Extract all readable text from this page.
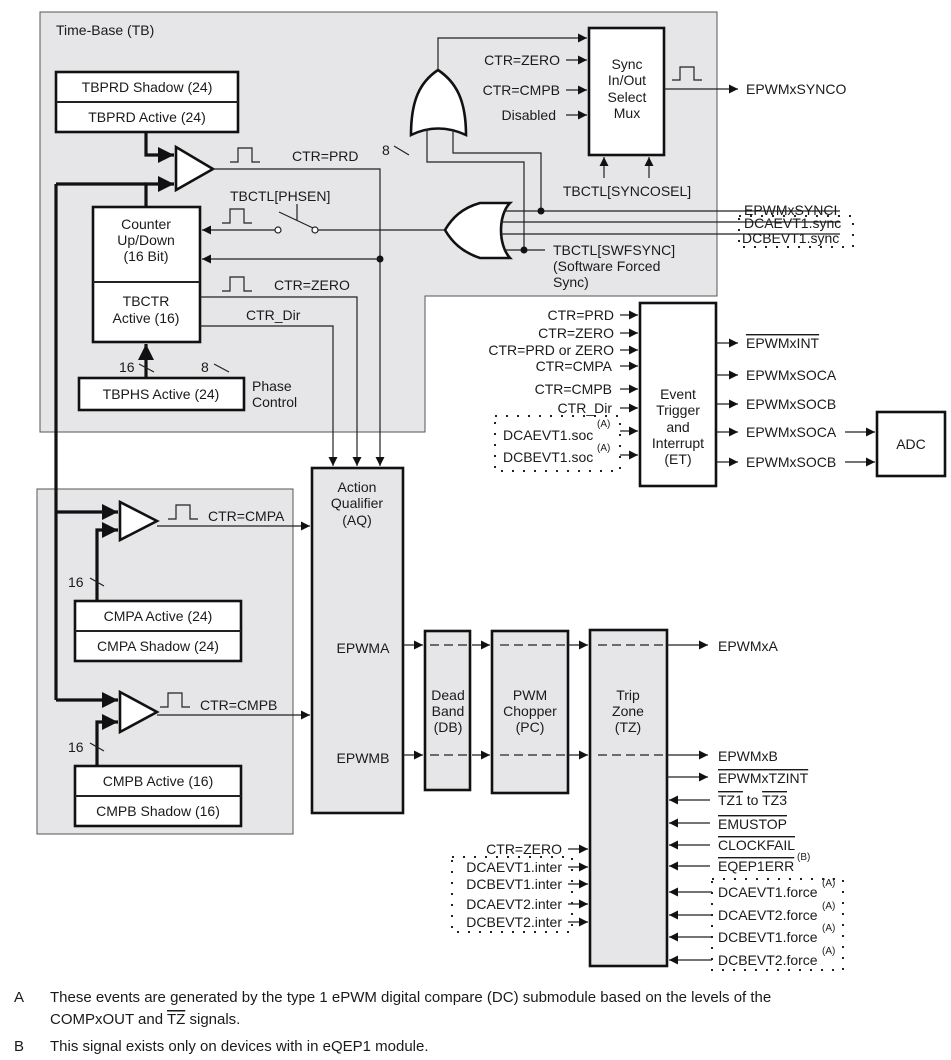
Time-Base (TB)
TBPRD Shadow (24)
TBPRD Active (24)
CTR=PRD 8
Counter
Up/Down
(16 Bit)
TBCTR
Active (16)
TBCTL[PHSEN]
CTR=ZERO
CTR_Dir
TBPHS Active (24)
16	8
Phase
Control
EPWMxSYNCI
DCAEVT1.sync
DCBEVT1.sync
TBCTL[SWFSYNC]
(Software Forced
Sync)
Sync
In/Out
Select
Mux
CTR=ZERO
CTR=CMPB
Disabled
TBCTL[SYNCOSEL]
EPWMxSYNCO
Event
Trigger
and
Interrupt
(ET)
CTR=PRD
CTR=ZERO
CTR=PRD or ZERO
CTR=CMPA
CTR=CMPB
CTR_Dir
DCAEVT1.soc
(A)
DCBEVT1.soc
(A)
EPWMxINT
EPWMxSOCA
EPWMxSOCB
EPWMxSOCA
EPWMxSOCB
ADC
16
CMPA Active (24)
CMPA Shadow (24)
CTR=CMPA
16
CMPB Active (16)
CMPB Shadow (16)
CTR=CMPB
Action
Qualifier
(AQ)
EPWMA
EPWMB
Dead
Band
(DB)
PWM
Chopper
(PC)
Trip
Zone
(TZ)
EPWMxA
EPWMxB
EPWMxTZINT
TZ1 to TZ3
EMUSTOP
CLOCKFAIL
EQEP1ERR
(B)
DCAEVT1.force
DCAEVT2.force
DCBEVT1.force
DCBEVT2.force
(A)
(A)
(A)
(A)
CTR=ZERO
DCAEVT1.inter
DCBEVT1.inter
DCAEVT2.inter
DCBEVT2.inter
A These events are generated by the type 1 ePWM digital compare (DC) submodule based on the levels of the
COMPxOUT and TZ signals.
B This signal exists only on devices with in eQEP1 module.
